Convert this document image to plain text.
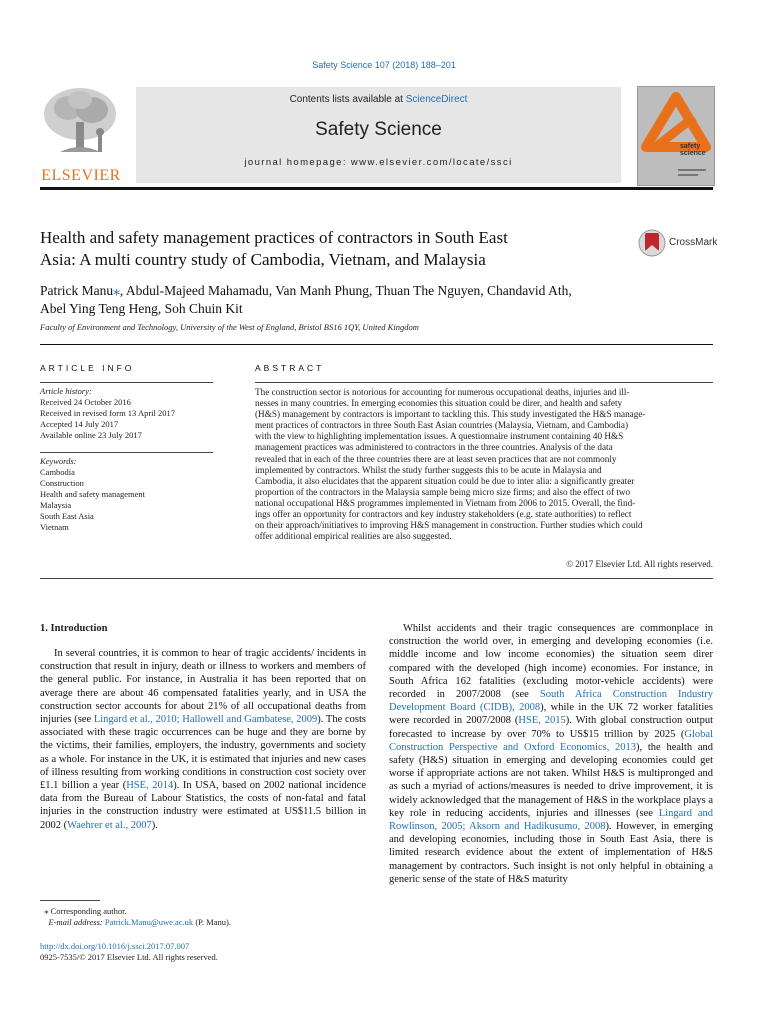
Safety Science 107 (2018) 188–201
ELSEVIER
Contents lists available at ScienceDirect
Safety Science
journal homepage: www.elsevier.com/locate/ssci
safety
science
Health and safety management practices of contractors in South East
Asia: A multi country study of Cambodia, Vietnam, and Malaysia
CrossMark
Patrick Manu⁎, Abdul-Majeed Mahamadu, Van Manh Phung, Thuan The Nguyen, Chandavid Ath,
Abel Ying Teng Heng, Soh Chuin Kit
Faculty of Environment and Technology, University of the West of England, Bristol BS16 1QY, United Kingdom
ARTICLE INFO	ABSTRACT
Article history:
Received 24 October 2016
Received in revised form 13 April 2017
Accepted 14 July 2017
Available online 23 July 2017
Keywords:
Cambodia
Construction
Health and safety management
Malaysia
South East Asia
Vietnam
The construction sector is notorious for accounting for numerous occupational deaths, injuries and ill-
nesses in many countries. In emerging economies this situation could be direr, and health and safety
(H&S) management by contractors is important to tackling this. This study investigated the H&S manage-
ment practices of contractors in three South East Asian countries (Malaysia, Vietnam, and Cambodia)
with the view to highlighting implementation issues. A questionnaire instrument containing 40 H&S
management practices was administered to contractors in the three countries. Analysis of the data
revealed that in each of the three countries there are at least seven practices that are not commonly
implemented by contractors. Whilst the study further suggests this to be acute in Malaysia and
Cambodia, it also elucidates that the apparent situation could be due to inter alia: a significantly greater
proportion of the contractors in the Malaysia sample being micro size firms; and also the effect of two
national occupational H&S programmes implemented in Vietnam from 2006 to 2015. Overall, the find-
ings offer an opportunity for contractors and key industry stakeholders (e.g. state authorities) to reflect
on their approach/initiatives to improving H&S management in construction. Further studies which could
offer additional empirical realities are also suggested.
© 2017 Elsevier Ltd. All rights reserved.
1. Introduction

In several countries, it is common to hear of tragic accidents/ incidents in construction that result in injury, death or illness to workers and members of the general public. For instance, in Australia it has been reported that on average there are about 46 compensated fatalities yearly, and in USA the construction sector accounts for about 21% of all occupational deaths from injuries (see Lingard et al., 2010; Hallowell and Gambatese, 2009). The costs associated with these tragic occurrences can be huge and they are borne by the victims, their families, employers, the industry, governments and society as a whole. For instance in the UK, it is estimated that injuries and new cases of illness resulting from working conditions in construction cost society over £1.1 billion a year (HSE, 2014). In USA, based on 2002 national incidence data from the Bureau of Labour Statistics, the costs of non-fatal and fatal injuries in the construction industry were estimated at US$11.5 billion in 2002 (Waehrer et al., 2007).

Whilst accidents and their tragic consequences are commonplace in construction the world over, in emerging and developing economies (i.e. middle income and low income economies) the situation seem direr compared with the developed (high income) economies. For instance, in South Africa 162 fatalities (excluding motor-vehicle accidents) were recorded in 2007/2008 (see South Africa Construction Industry Development Board (CIDB), 2008), while in the UK 72 worker fatalities were recorded in 2007/2008 (HSE, 2015). With global construction output forecasted to increase by over 70% to US$15 trillion by 2025 (Global Construction Perspective and Oxford Economics, 2013), the health and safety (H&S) situation in emerging and developing economies could get worse if appropriate actions are not taken. Whilst H&S is multipronged and as such a myriad of actions/measures is needed to drive improvement, it is widely acknowledged that the management of H&S in the workplace plays a key role in reducing accidents, injuries and illnesses (see Lingard and Rowlinson, 2005; Aksorn and Hadikusumo, 2008). However, in emerging and developing economies, including those in South East Asia, there is limited research evidence about the extent of implementation of H&S management by contractors. Such insight is not only helpful in obtaining a generic sense of the state of H&S maturity

⁎ Corresponding author.
E-mail address: Patrick.Manu@uwe.ac.uk (P. Manu).
http://dx.doi.org/10.1016/j.ssci.2017.07.007
0925-7535/© 2017 Elsevier Ltd. All rights reserved.
